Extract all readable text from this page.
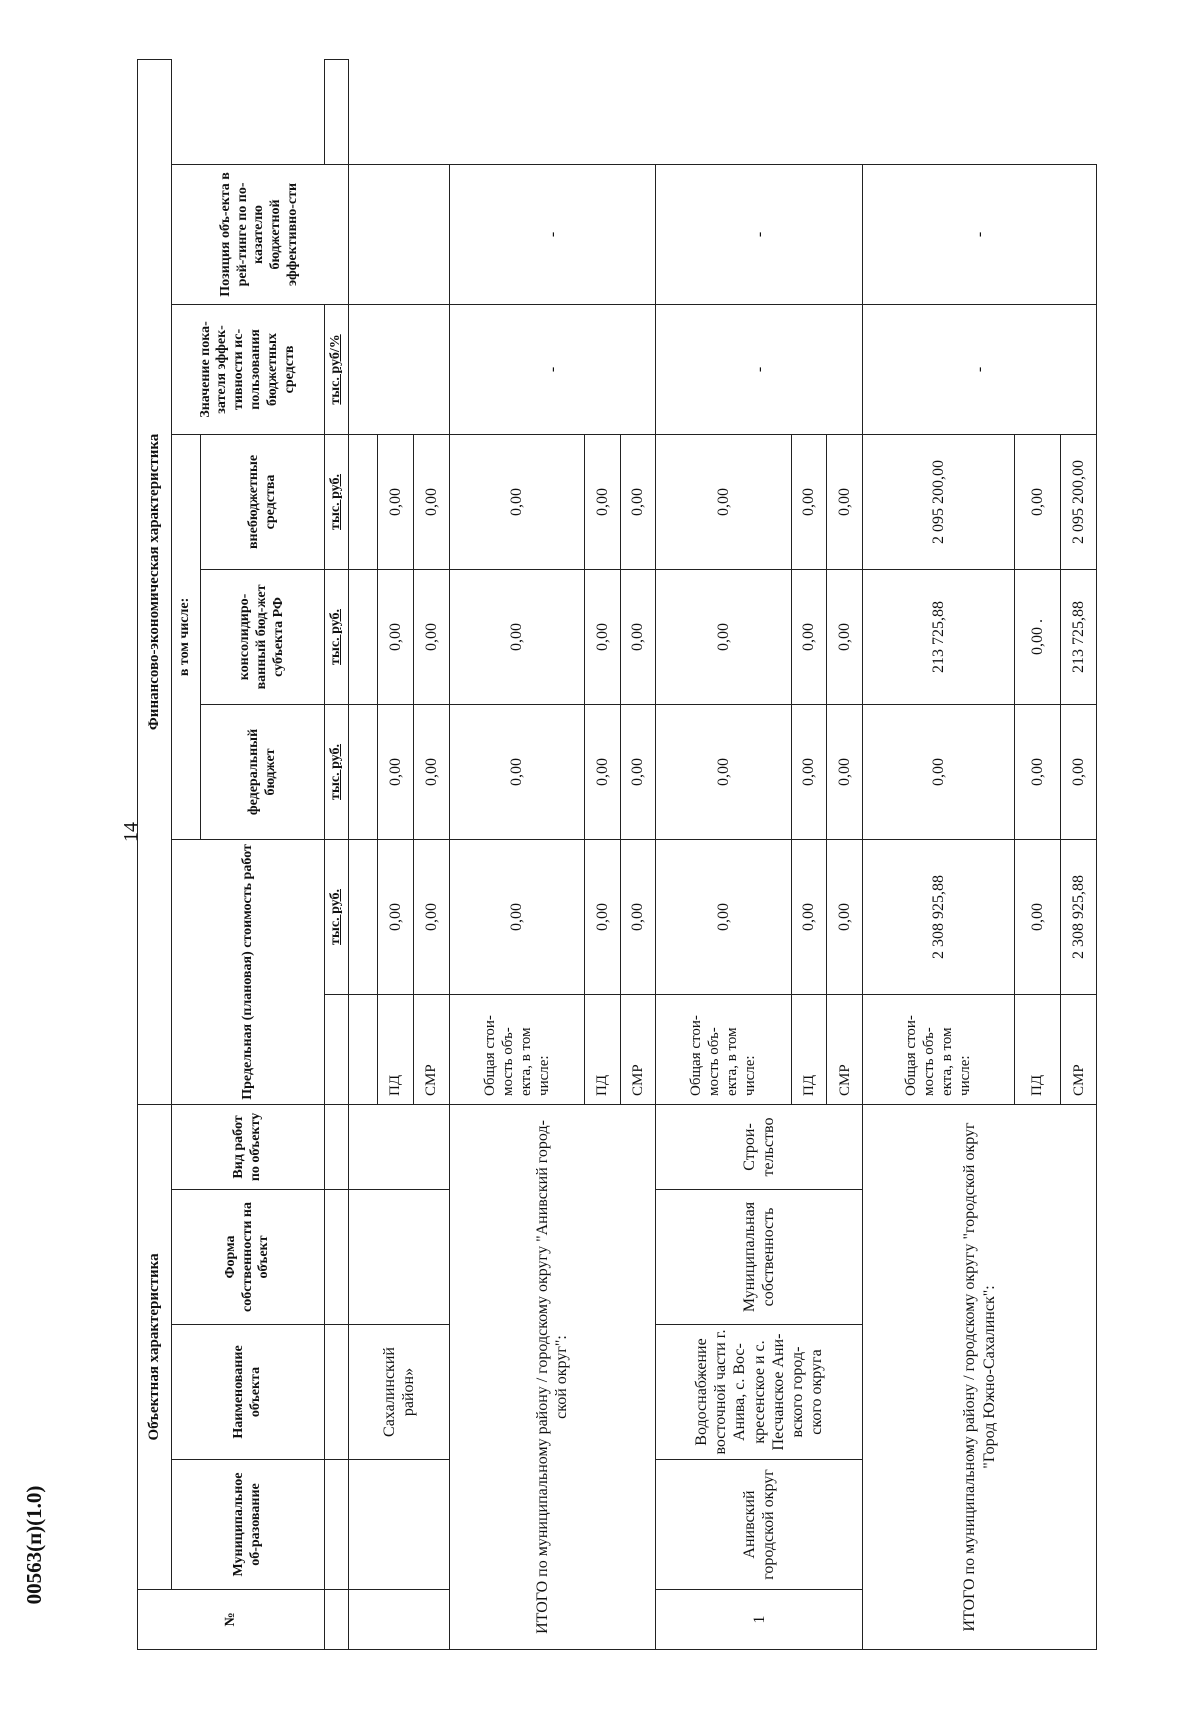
14
00563(п)(1.0)
№	Объектная характеристика				Финансово-экономическая характеристика							
	Муниципальное об-разование	Наименование объекта	Форма собственности на объект	Вид работ по объекту	Предельная (плановая) стоимость работ		в том числе:			Значение пока-зателя эффек-тивности ис-пользования бюджетных средств	Позиция объ-екта в рей-тинге по по-казателю бюджетной эффективно-сти	
							федеральный бюджет	консолидиро-ванный бюд-жет субъекта РФ	внебюджетные средства			
						тыс. руб.	тыс. руб.	тыс. руб.	тыс. руб.	тыс. руб/%		
		Сахалинский район»										
					ПД	0,00	0,00	0,00	0,00			
					СМР	0,00	0,00	0,00	0,00			
ИТОГО по муниципальному району / городскому округу "Анивский город-ской округ":					Общая стои-мость объ-екта, в том числе:	0,00	0,00	0,00	0,00	-	-	
					ПД	0,00	0,00	0,00	0,00			
					СМР	0,00	0,00	0,00	0,00			
1	Анивский городской округ	Водоснабжение восточной части г. Анива, с. Вос-кресенское и с. Песчанское Ани-вского город-ского округа	Муниципальная собственность	Строи-тельство	Общая стои-мость объ-екта, в том числе:	0,00	0,00	0,00	0,00	-	-	
					ПД	0,00	0,00	0,00	0,00			
					СМР	0,00	0,00	0,00	0,00			
ИТОГО по муниципальному району / городскому округу "городской округ "Город Южно-Сахалинск":					Общая стои-мость объ-екта, в том числе:	2 308 925,88	0,00	213 725,88	2 095 200,00	-	-	
					ПД	0,00	0,00	0,00 .	0,00			
					СМР	2 308 925,88	0,00	213 725,88	2 095 200,00			
